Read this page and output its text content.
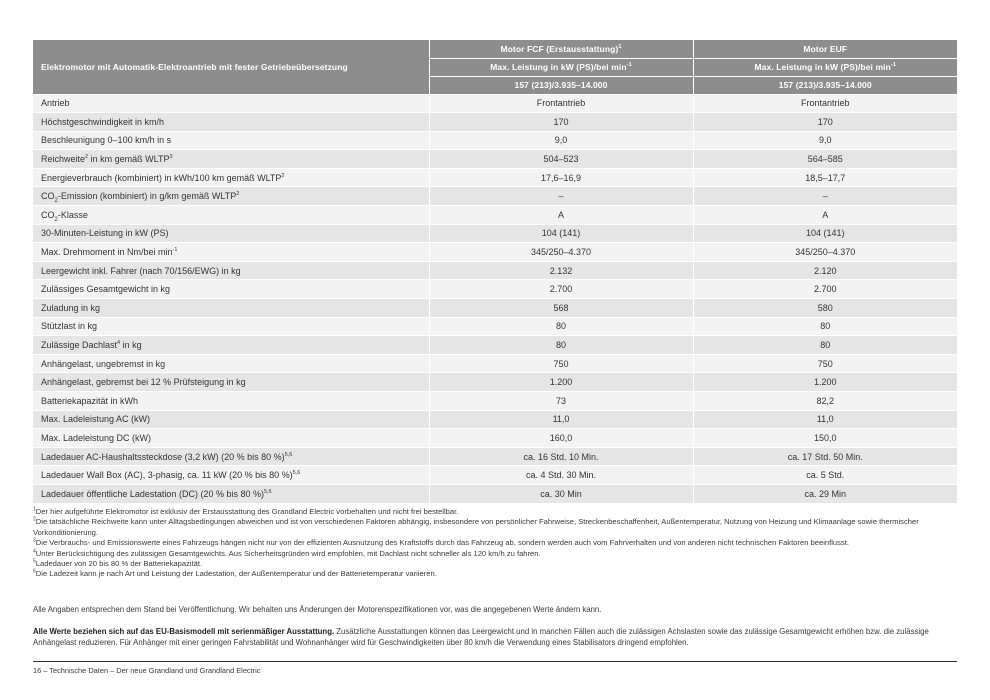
Elektromotor mit Automatik-Elektroantrieb mit fester Getriebeübersetzung	Motor FCF (Erstausstattung)$^1$	Motor EUF
	Max. Leistung in kW (PS)/bei $\min^{-1}$	Max. Leistung in kW (PS)/bei $\min^{-1}$
	157 (213)/3.935–14.000	157 (213)/3.935–14.000
Antrieb	Frontantrieb	Frontantrieb
Höchstgeschwindigkeit in km/h	170	170
Beschleunigung 0–100 km/h in s	9,0	9,0
Reichweite$^2$ in km gemäß WLTP$^3$	504–523	564–585
Energieverbrauch (kombiniert) in kWh/100 km gemäß WLTP$^2$	17,6–16,9	18,5–17,7
$CO_2$-Emission (kombiniert) in g/km gemäß WLTP$^2$	–	–
$CO_2$-Klasse	A	A
30-Minuten-Leistung in kW (PS)	104 (141)	104 (141)
Max. Drehmoment in Nm/bei $\min^{-1}$	345/250–4.370	345/250–4.370
Leergewicht inkl. Fahrer (nach 70/156/EWG) in kg	2.132	2.120
Zulässiges Gesamtgewicht in kg	2.700	2.700
Zuladung in kg	568	580
Stützlast in kg	80	80
Zulässige Dachlast$^4$ in kg	80	80
Anhängelast, ungebremst in kg	750	750
Anhängelast, gebremst bei 12 % Prüfsteigung in kg	1.200	1.200
Batteriekapazität in kWh	73	82,2
Max. Ladeleistung AC (kW)	11,0	11,0
Max. Ladeleistung DC (kW)	160,0	150,0
Ladedauer AC-Haushaltssteckdose (3,2 kW) (20 % bis 80 %)$^{5,6}$	ca. 16 Std. 10 Min.	ca. 17 Std. 50 Min.
Ladedauer Wall Box (AC), 3-phasig, ca. 11 kW (20 % bis 80 %)$^{5,6}$	ca. 4 Std. 30 Min.	ca. 5 Std.
Ladedauer öffentliche Ladestation (DC) (20 % bis 80 %)$^{5,6}$	ca. 30 Min	ca. 29 Min
$^1$Der hier aufgeführte Elektromotor ist exklusiv der Erstausstattung des Grandland Electric vorbehalten und nicht frei bestellbar.
$^2$Die tatsächliche Reichweite kann unter Alltagsbedingungen abweichen und ist von verschiedenen Faktoren abhängig, insbesondere von persönlicher Fahrweise, Streckenbeschaffenheit, Außentemperatur, Nutzung von Heizung und Klimaanlage sowie thermischer Vorkonditionierung.
$^3$Die Verbrauchs- und Emissionswerte eines Fahrzeugs hängen nicht nur von der effizienten Ausnutzung des Kraftstoffs durch das Fahrzeug ab, sondern werden auch vom Fahrverhalten und von anderen nicht technischen Faktoren beeinflusst.
$^4$Unter Berücksichtigung des zulässigen Gesamtgewichts. Aus Sicherheitsgründen wird empfohlen, mit Dachlast nicht schneller als 120 km/h zu fahren.
$^5$Ladedauer von 20 bis 80 % der Batteriekapazität.
$^6$Die Ladezeit kann je nach Art und Leistung der Ladestation, der Außentemperatur und der Batterietemperatur variieren.

Alle Angaben entsprechen dem Stand bei Veröffentlichung. Wir behalten uns Änderungen der Motorenspezifikationen vor, was die angegebenen Werte ändern kann.

Alle Werte beziehen sich auf das EU-Basismodell mit serienmäßiger Ausstattung. Zusätzliche Ausstattungen können das Leergewicht und in manchen Fällen auch die zulässigen Achslasten sowie das zulässige Gesamtgewicht erhöhen bzw. die zulässige Anhängelast reduzieren. Für Anhänger mit einer geringen Fahrstabilität und Wohnanhänger wird für Geschwindigkeiten über 80 km/h die Verwendung eines Stabilisators dringend empfohlen.

16 – Technische Daten – Der neue Grandland und Grandland Electric
